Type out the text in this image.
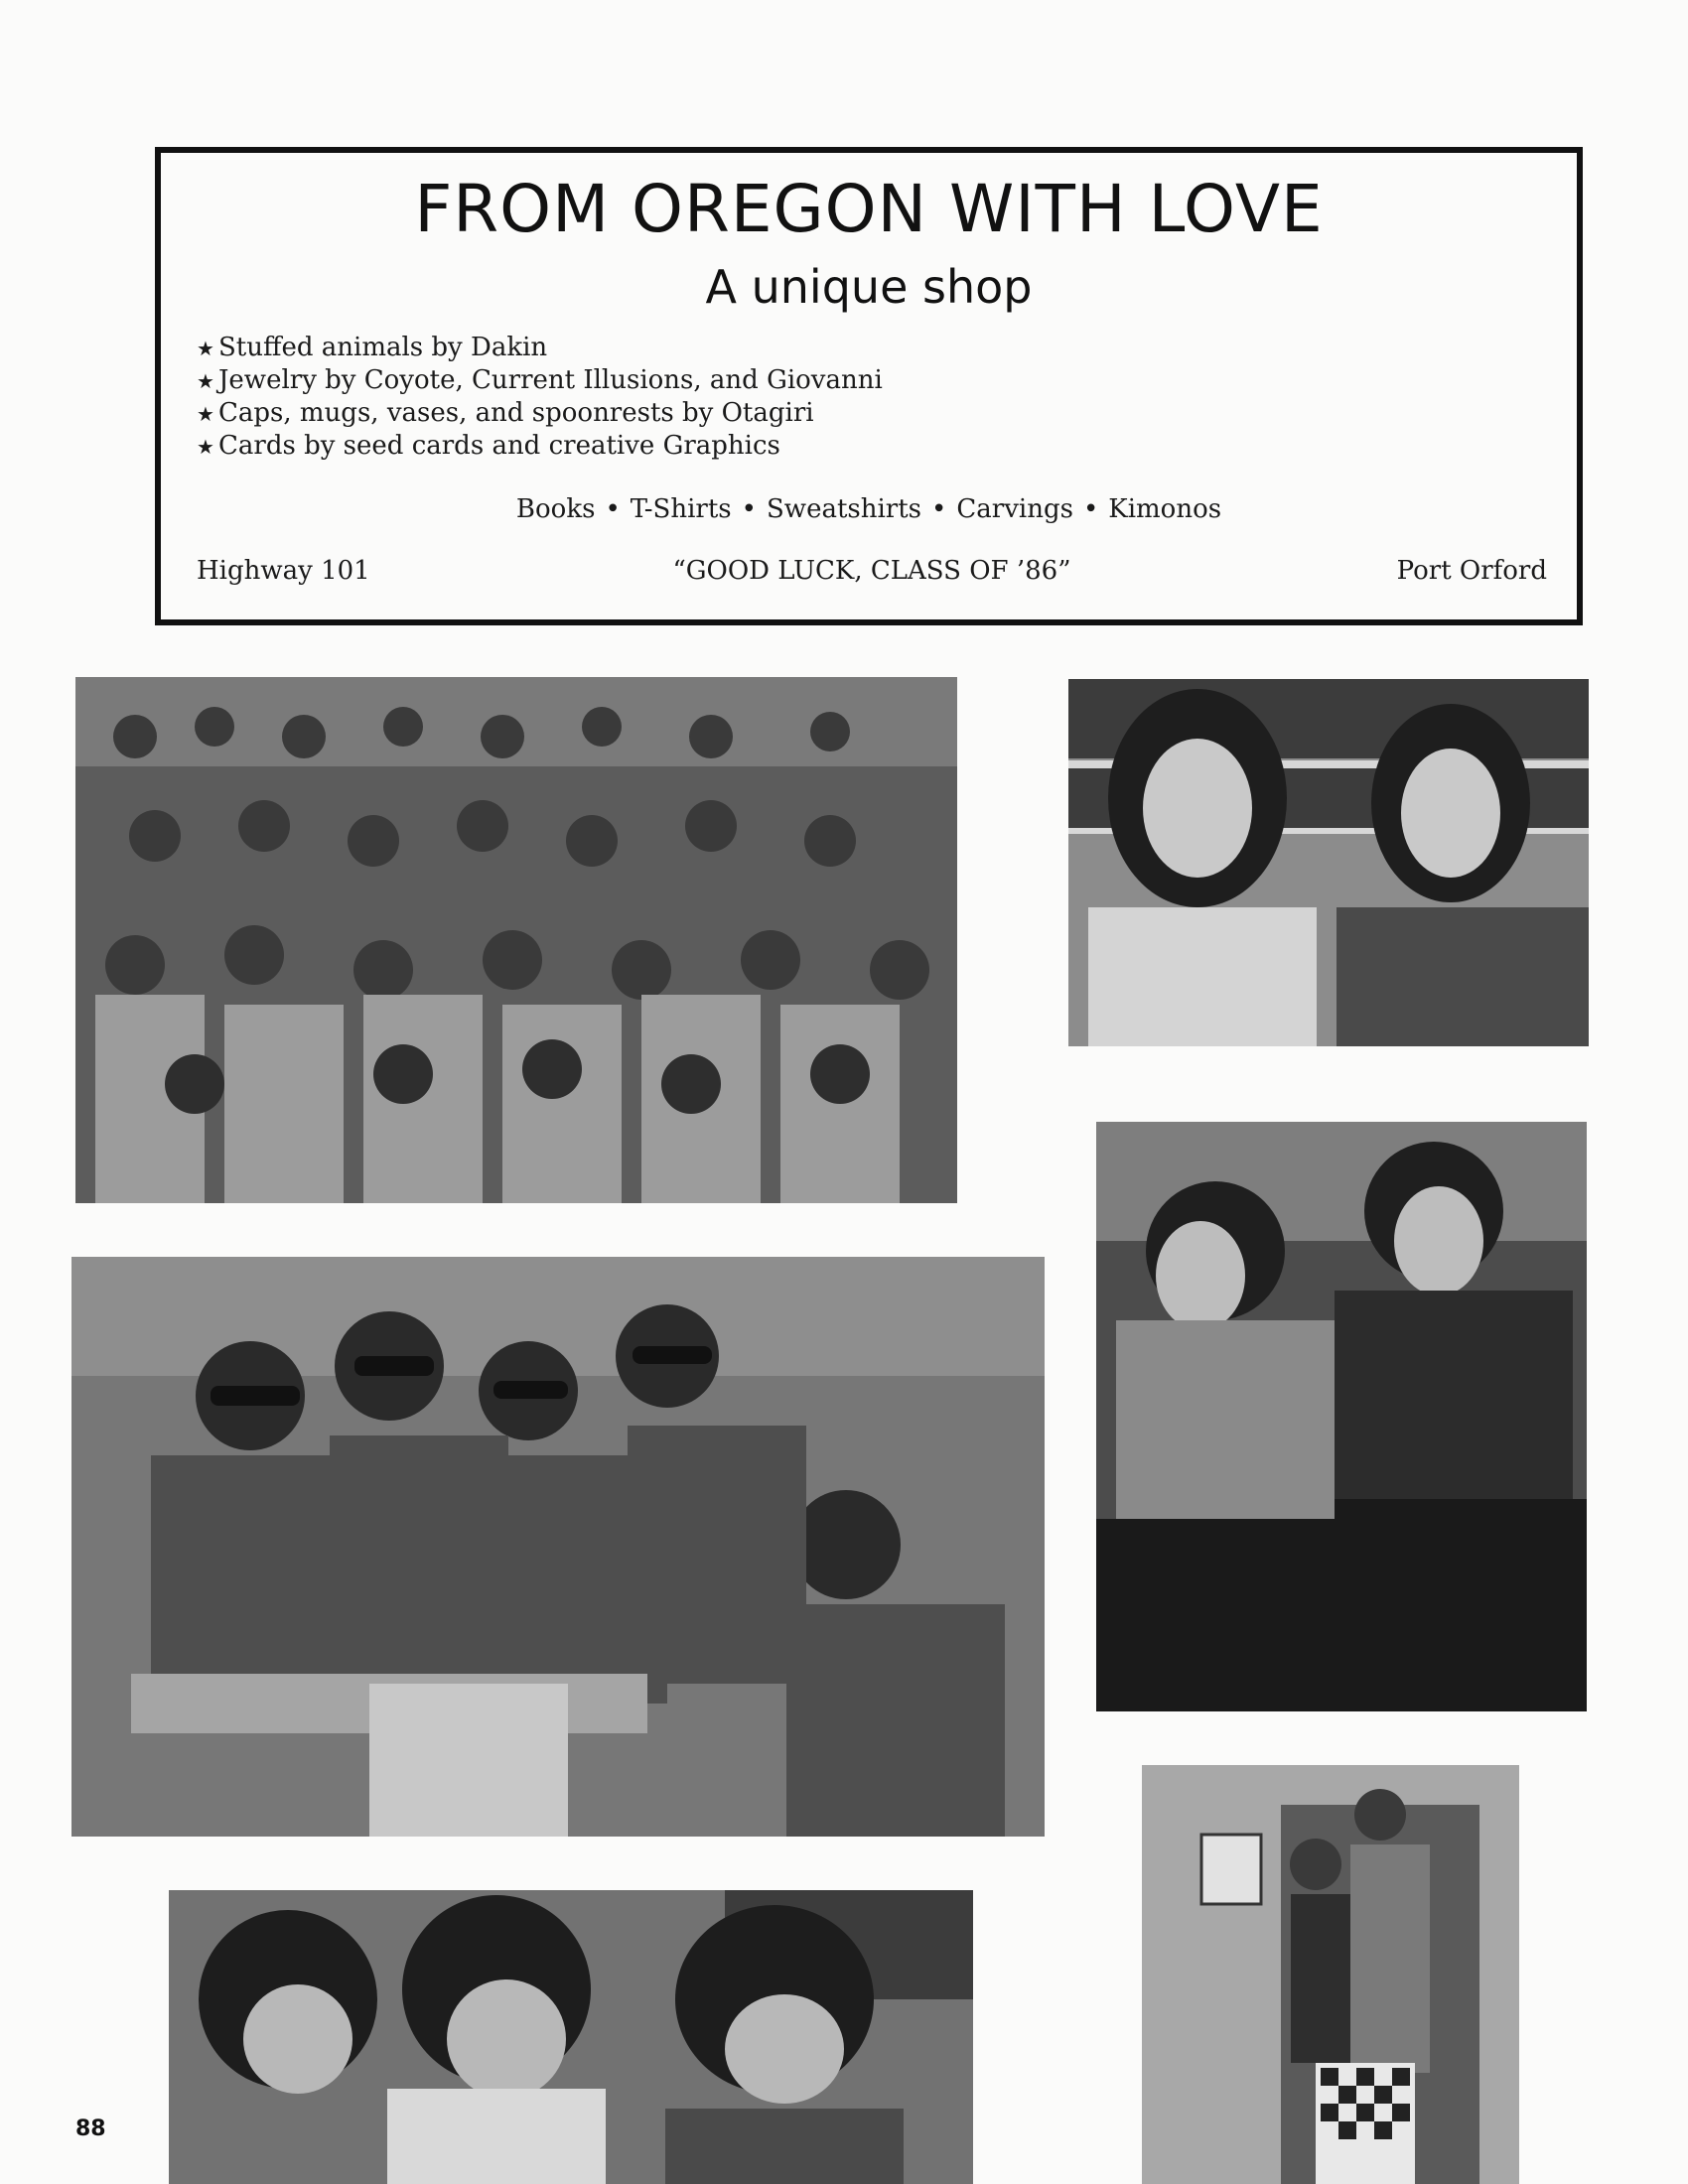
FROM OREGON WITH LOVE
A unique shop
★ Stuffed animals by Dakin
★ Jewelry by Coyote, Current Illusions, and Giovanni
★ Caps, mugs, vases, and spoonrests by Otagiri
★ Cards by seed cards and creative Graphics
Books • T-Shirts • Sweatshirts • Carvings • Kimonos
“GOOD LUCK, CLASS OF ’86”
Highway 101	Port Orford
88
